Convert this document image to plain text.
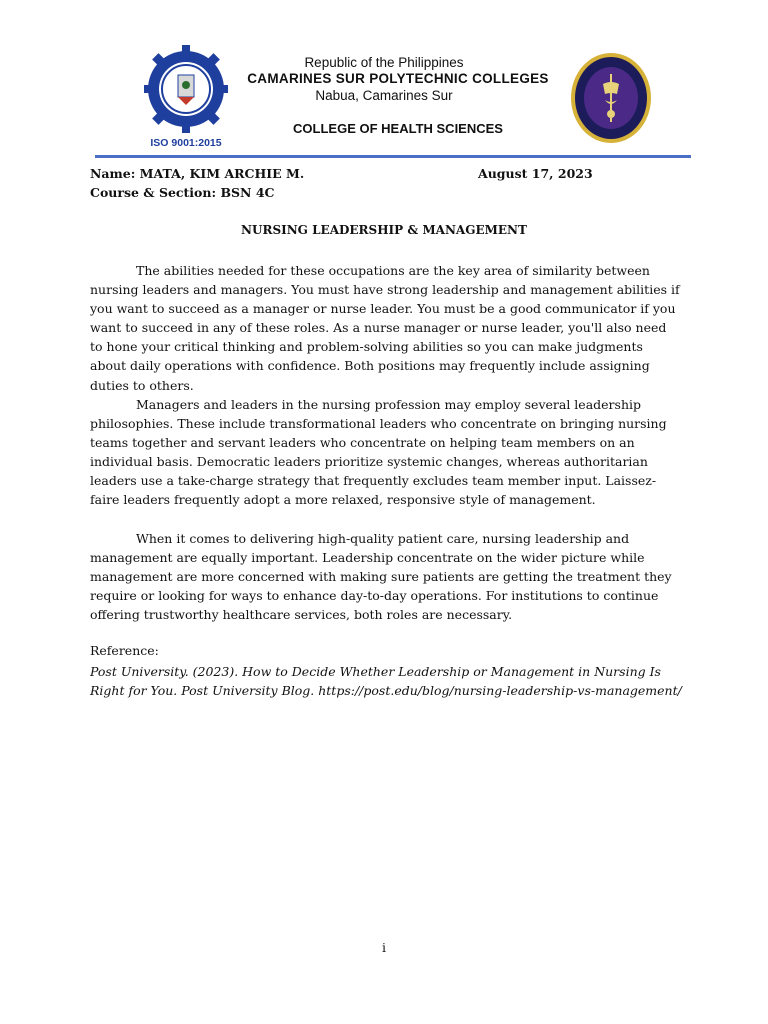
ISO 9001:2015
Republic of the Philippines
CAMARINES SUR POLYTECHNIC COLLEGES
Nabua, Camarines Sur
COLLEGE OF HEALTH SCIENCES
Name: MATA, KIM ARCHIE M.	August 17, 2023
Course & Section: BSN 4C
NURSING LEADERSHIP & MANAGEMENT
The abilities needed for these occupations are the key area of similarity between nursing leaders and managers. You must have strong leadership and management abilities if you want to succeed as a manager or nurse leader. You must be a good communicator if you want to succeed in any of these roles. As a nurse manager or nurse leader, you'll also need to hone your critical thinking and problem-solving abilities so you can make judgments about daily operations with confidence. Both positions may frequently include assigning duties to others.
Managers and leaders in the nursing profession may employ several leadership philosophies. These include transformational leaders who concentrate on bringing nursing teams together and servant leaders who concentrate on helping team members on an individual basis. Democratic leaders prioritize systemic changes, whereas authoritarian leaders use a take-charge strategy that frequently excludes team member input. Laissez-faire leaders frequently adopt a more relaxed, responsive style of management.
When it comes to delivering high-quality patient care, nursing leadership and management are equally important. Leadership concentrate on the wider picture while management are more concerned with making sure patients are getting the treatment they require or looking for ways to enhance day-to-day operations. For institutions to continue offering trustworthy healthcare services, both roles are necessary.
Reference:
Post University. (2023). How to Decide Whether Leadership or Management in Nursing Is Right for You. Post University Blog. https://post.edu/blog/nursing-leadership-vs-management/
i
